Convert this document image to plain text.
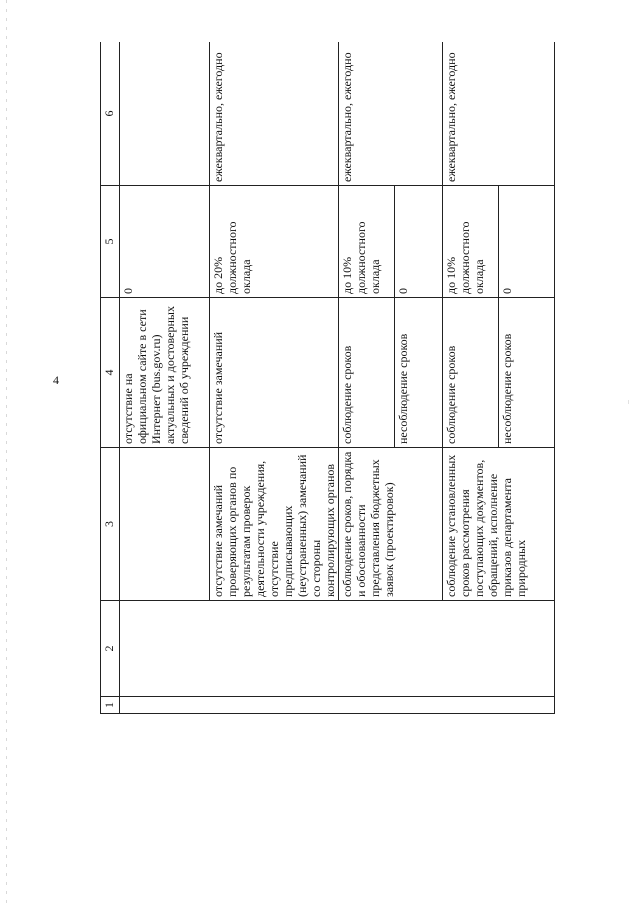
4
1	2	3	4	5	6
			отсутствие на официальном сайте в сети Интернет (bus.gov.ru) актуальных и достоверных сведений об учреждении	0	
		отсутствие замечаний проверяющих органов по результатам проверок деятельности учреждения, отсутствие предписывающих (неустраненных) замечаний со стороны контролирующих органов	отсутствие замечаний	до 20% должностного оклада	ежеквартально, ежегодно
		соблюдение сроков, порядка и обоснованности представления бюджетных заявок (проектировок)	соблюдение сроков	до 10% должностного оклада	ежеквартально, ежегодно
			несоблюдение сроков	0	
		соблюдение установленных сроков рассмотрения поступающих документов, обращений, исполнение приказов департамента природных	соблюдение сроков	до 10% должностного оклада	ежеквартально, ежегодно
			несоблюдение сроков	0	
